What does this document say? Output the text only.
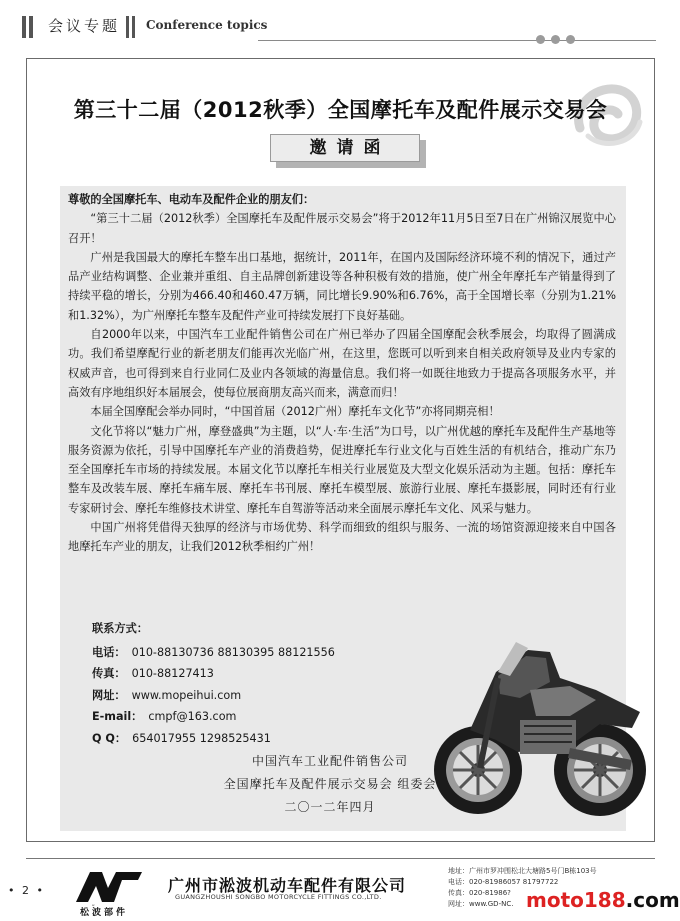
会议专题 Conference topics
第三十二届（2012秋季）全国摩托车及配件展示交易会
邀请函

尊敬的全国摩托车、电动车及配件企业的朋友们：

“第三十二届（2012秋季）全国摩托车及配件展示交易会”将于2012年11月5日至7日在广州锦汉展览中心召开！

广州是我国最大的摩托车整车出口基地，据统计，2011年，在国内及国际经济环境不利的情况下，通过产品产业结构调整、企业兼并重组、自主品牌创新建设等各种积极有效的措施，使广州全年摩托车产销量得到了持续平稳的增长，分别为466.40和460.47万辆，同比增长9.90%和6.76%，高于全国增长率（分别为1.21%和1.32%），为广州摩托车整车及配件产业可持续发展打下良好基础。

自2000年以来，中国汽车工业配件销售公司在广州已举办了四届全国摩配会秋季展会，均取得了圆满成功。我们希望摩配行业的新老朋友们能再次光临广州，在这里，您既可以听到来自相关政府领导及业内专家的权威声音，也可得到来自行业同仁及业内各领域的海量信息。我们将一如既往地致力于提高各项服务水平，并高效有序地组织好本届展会，使每位展商朋友高兴而来，满意而归！

本届全国摩配会举办同时，“中国首届（2012广州）摩托车文化节”亦将同期亮相！

文化节将以“魅力广州，摩登盛典”为主题，以“人·车·生活”为口号，以广州优越的摩托车及配件生产基地等服务资源为依托，引导中国摩托车产业的消费趋势，促进摩托车行业文化与百姓生活的有机结合，推动广东乃至全国摩托车市场的持续发展。本届文化节以摩托车相关行业展览及大型文化娱乐活动为主题。包括：摩托车整车及改装车展、摩托车痛车展、摩托车书刊展、摩托车模型展、旅游行业展、摩托车摄影展，同时还有行业专家研讨会、摩托车维修技术讲堂、摩托车自驾游等活动来全面展示摩托车文化、风采与魅力。

中国广州将凭借得天独厚的经济与市场优势、科学而细致的组织与服务、一流的场馆资源迎接来自中国各地摩托车产业的朋友，让我们2012秋季相约广州！

联系方式：
电话： 010-88130736 88130395 88121556
传真： 010-88127413
网址： www.mopeihui.com
E-mail： cmpf@163.com
Q Q： 654017955 1298525431
中国汽车工业配件销售公司
全国摩托车及配件展示交易会 组委会
二〇一二年四月
• 2 •
NC
松波部件
广州市淞波机动车配件有限公司
GUANGZHOUSHI SONGBO MOTORCYCLE FITTINGS CO.,LTD.
地址：广州市罗冲围松北大塘路5号门B栋103号
电话：020-81986057 81797722
传真：020-81986?
网址：www.GD-NC. moto188.com
